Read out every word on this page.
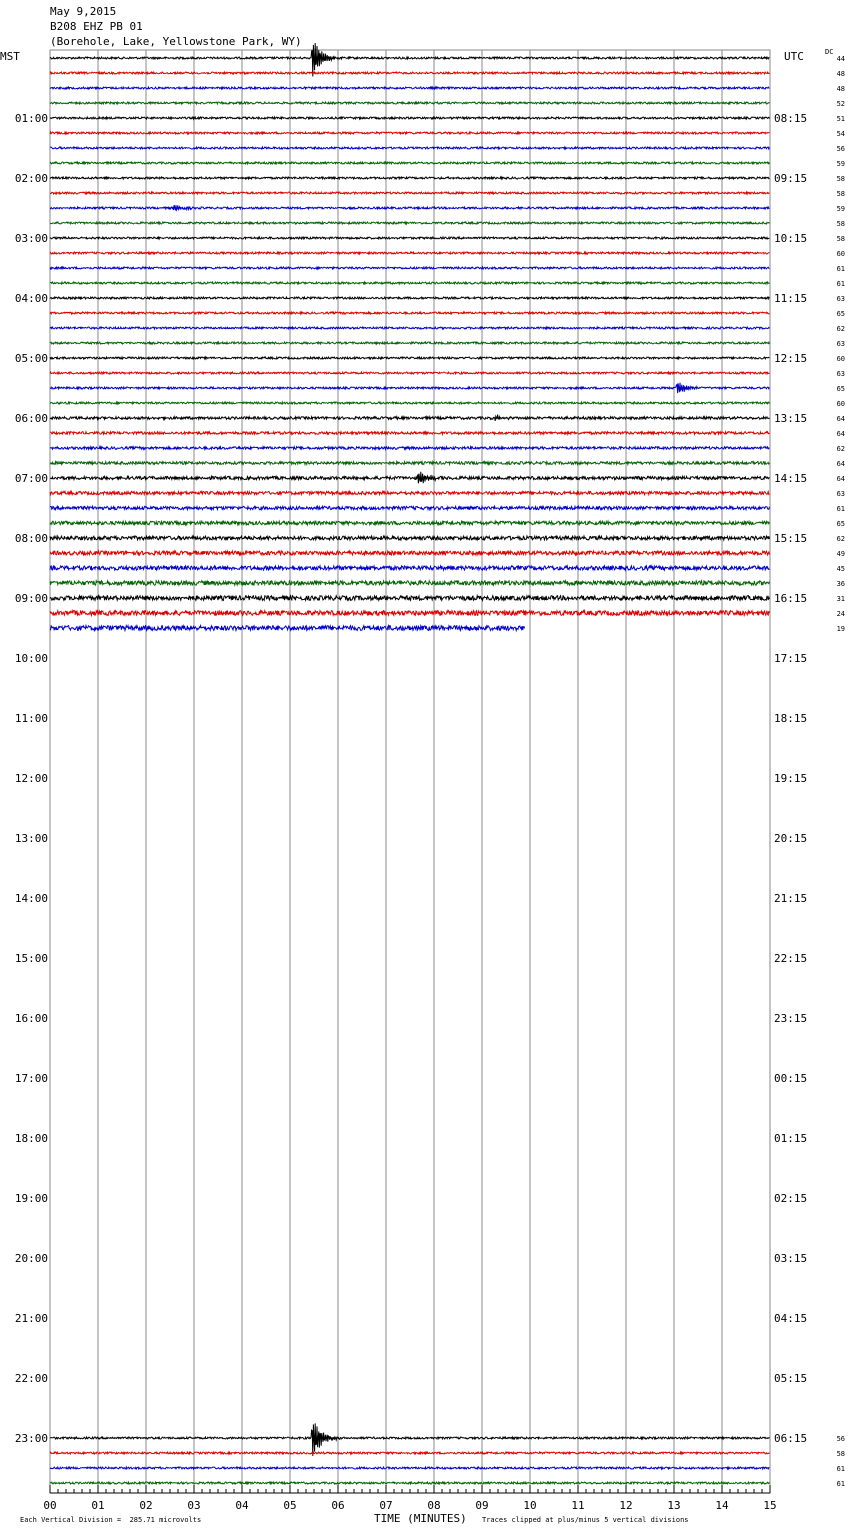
May 9,2015
B208 EHZ PB 01
(Borehole, Lake, Yellowstone Park, WY)
MST	UTC	DC
44
48
48
52
51
54
56
59
58
58
59
58
58
60
61
61
63
65
62
63
60
63
65
60
64
64
62
64
64
63
61
65
62
49
45
36
31
24
19
56
58
61
61
01:00
02:00
03:00
04:00
05:00
06:00
07:00
08:00
09:00
10:00
11:00
12:00
13:00
14:00
15:00
16:00
17:00
18:00
19:00
20:00
21:00
22:00
23:00
08:15
09:15
10:15
11:15
12:15
13:15
14:15
15:15
16:15
17:15
18:15
19:15
20:15
21:15
22:15
23:15
00:15
01:15
02:15
03:15
04:15
05:15
06:15
00	01	02	03	04	05	06	07	08	09	10	11	12	13	14	15
Each Vertical Division =  285.71 microvolts	TIME (MINUTES) Traces clipped at plus/minus 5 vertical divisions
